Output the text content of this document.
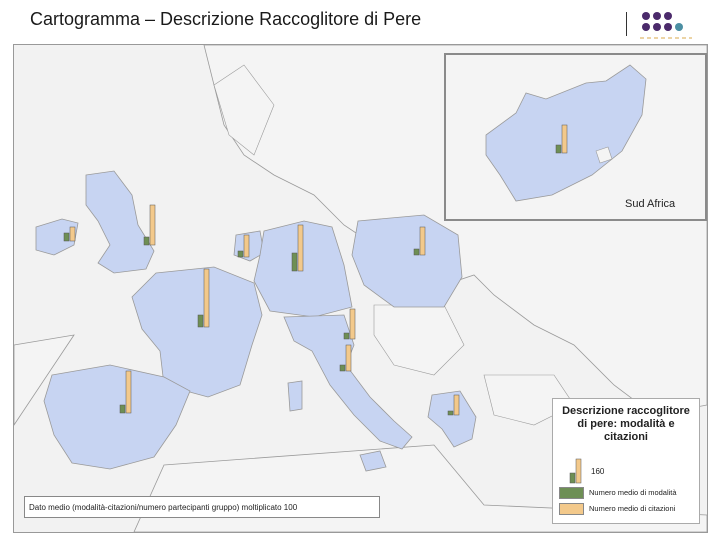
Cartogramma – Descrizione Raccoglitore di Pere
Sud Africa
Descrizione raccoglitore di pere: modalità e citazioni
160
Numero medio di modalità
Numero medio di citazioni
Dato medio (modalità-citazioni/numero partecipanti gruppo) moltiplicato 100
